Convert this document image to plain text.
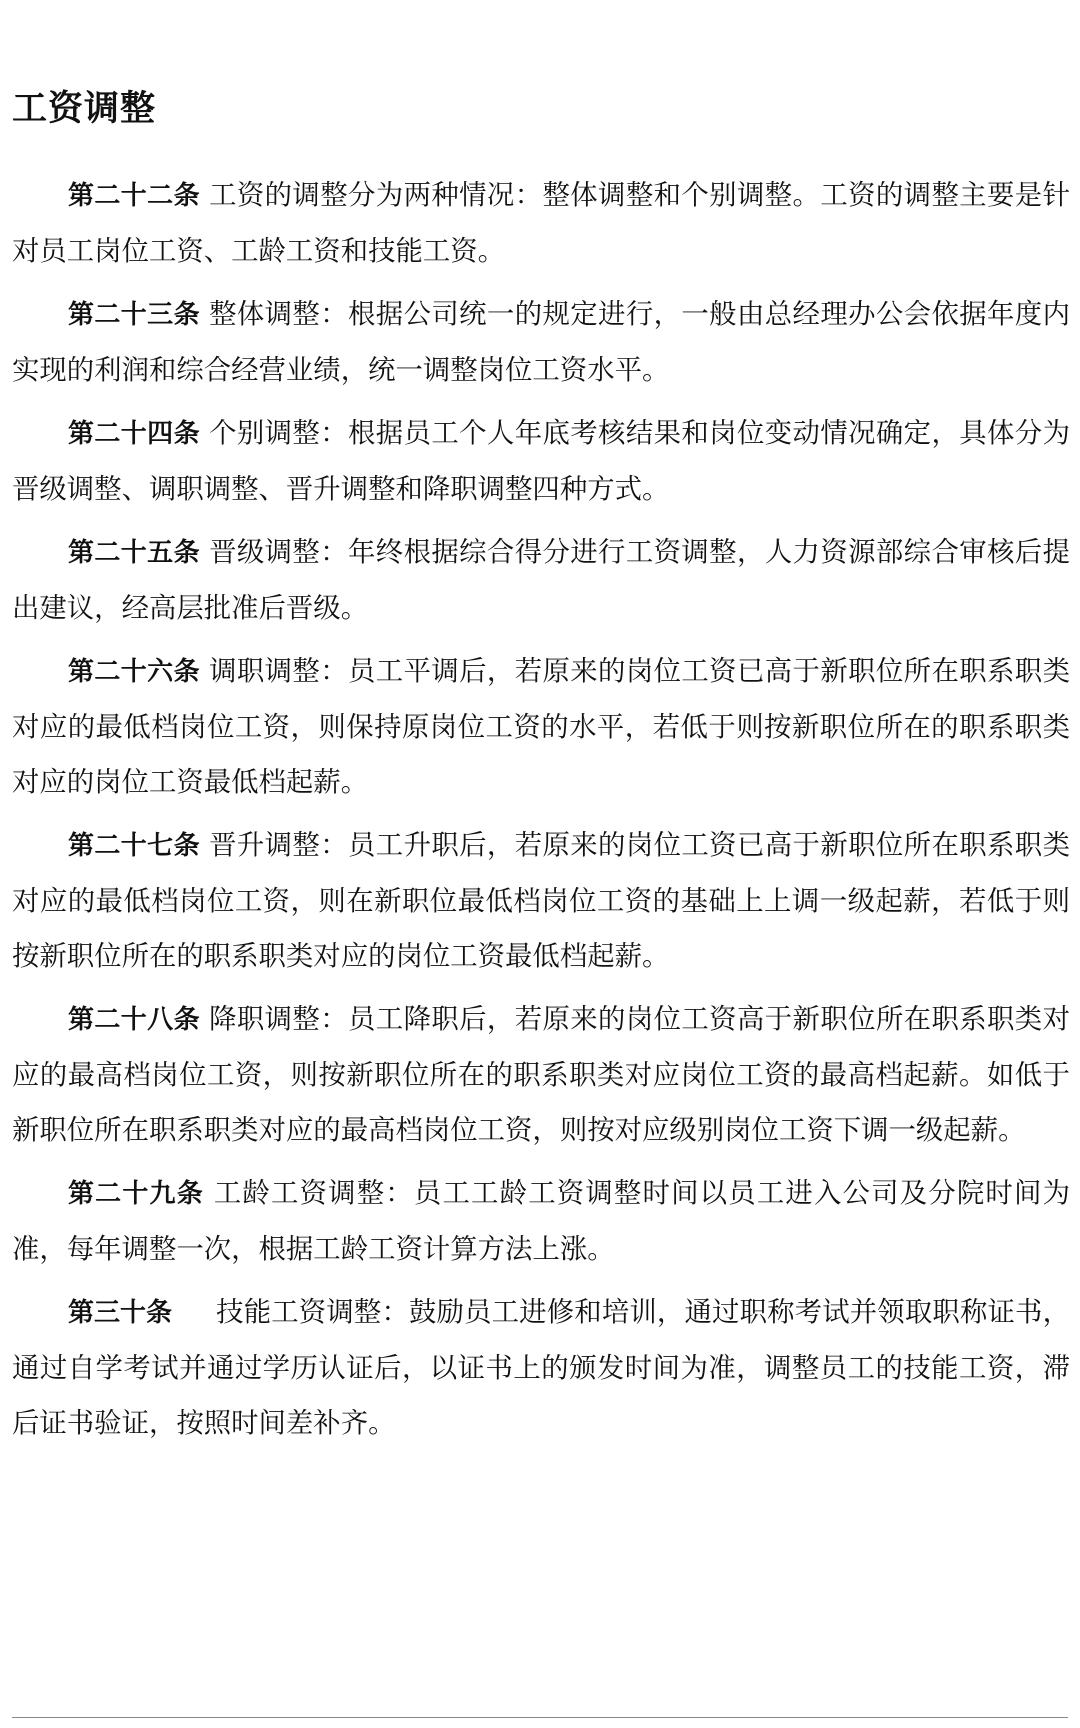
工资调整

第二十二条 工资的调整分为两种情况：整体调整和个别调整。工资的调整主要是针对员工岗位工资、工龄工资和技能工资。

第二十三条 整体调整：根据公司统一的规定进行，一般由总经理办公会依据年度内实现的利润和综合经营业绩，统一调整岗位工资水平。

第二十四条 个别调整：根据员工个人年底考核结果和岗位变动情况确定，具体分为晋级调整、调职调整、晋升调整和降职调整四种方式。

第二十五条 晋级调整：年终根据综合得分进行工资调整，人力资源部综合审核后提出建议，经高层批准后晋级。

第二十六条 调职调整：员工平调后，若原来的岗位工资已高于新职位所在职系职类对应的最低档岗位工资，则保持原岗位工资的水平，若低于则按新职位所在的职系职类对应的岗位工资最低档起薪。

第二十七条 晋升调整：员工升职后，若原来的岗位工资已高于新职位所在职系职类对应的最低档岗位工资，则在新职位最低档岗位工资的基础上上调一级起薪，若低于则按新职位所在的职系职类对应的岗位工资最低档起薪。

第二十八条 降职调整：员工降职后，若原来的岗位工资高于新职位所在职系职类对应的最高档岗位工资，则按新职位所在的职系职类对应岗位工资的最高档起薪。如低于新职位所在职系职类对应的最高档岗位工资，则按对应级别岗位工资下调一级起薪。

第二十九条 工龄工资调整：员工工龄工资调整时间以员工进入公司及分院时间为准，每年调整一次，根据工龄工资计算方法上涨。

第三十条 技能工资调整：鼓励员工进修和培训，通过职称考试并领取职称证书，通过自学考试并通过学历认证后，以证书上的颁发时间为准，调整员工的技能工资，滞后证书验证，按照时间差补齐。
